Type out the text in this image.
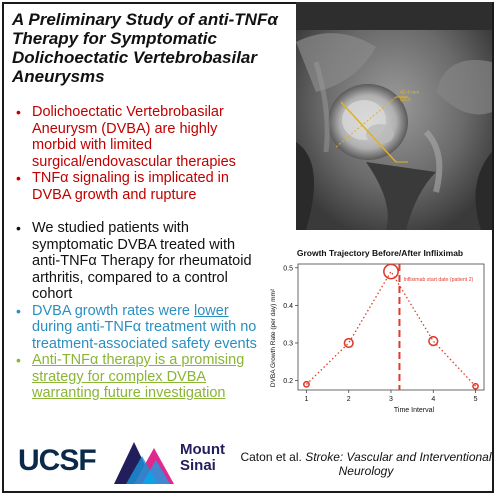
A Preliminary Study of anti-TNFα Therapy for Symptomatic Dolichoectatic Vertebrobasilar Aneurysms
• Dolichoectatic Vertebrobasilar Aneurysm (DVBA) are highly morbid with limited surgical/endovascular therapies
• TNFα signaling is implicated in DVBA growth and rupture
• We studied patients with symptomatic DVBA treated with anti-TNFα Therapy for rheumatoid arthritis, compared to a control cohort
• DVBA growth rates were lower during anti-TNFα treatment with no treatment-associated safety events
• Anti-TNFα therapy is a promising strategy for complex DVBA warranting future investigation
40.4 mm
(DD)
Growth Trajectory Before/After Infliximab
Time Interval
DVBA Growth Rate (per day) mm²
1	2	3	4	5
0.2
0.3
0.4
0.5
Infliximab start date (patient 2)
UCSF	Mount
Sinai	Caton et al. Stroke: Vascular and Interventional Neurology
